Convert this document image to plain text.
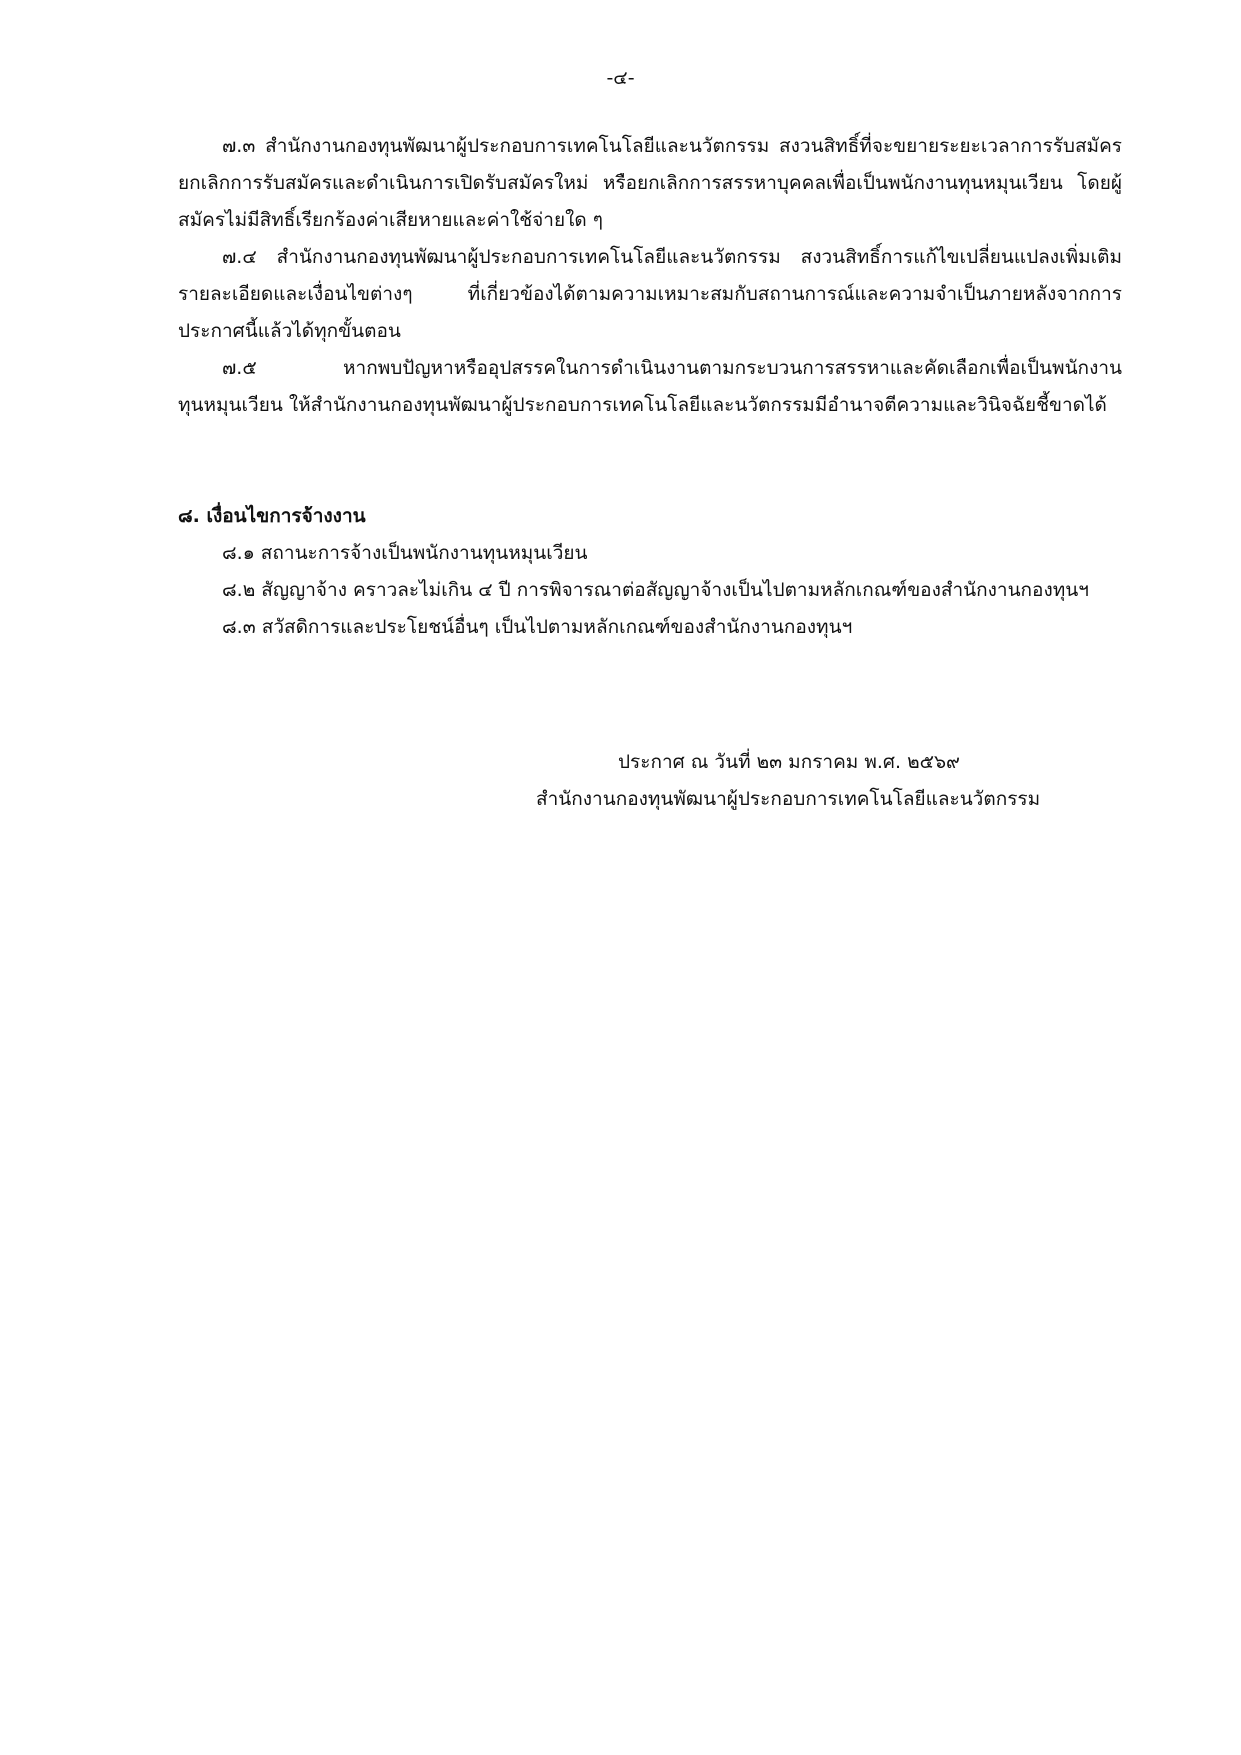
-๔-

๗.๓ สำนักงานกองทุนพัฒนาผู้ประกอบการเทคโนโลยีและนวัตกรรม สงวนสิทธิ์ที่จะขยายระยะเวลาการรับสมัคร ยกเลิกการรับสมัครและดำเนินการเปิดรับสมัครใหม่ หรือยกเลิกการสรรหาบุคคลเพื่อเป็นพนักงานทุนหมุนเวียน โดยผู้สมัครไม่มีสิทธิ์เรียกร้องค่าเสียหายและค่าใช้จ่ายใด ๆ

๗.๔ สำนักงานกองทุนพัฒนาผู้ประกอบการเทคโนโลยีและนวัตกรรม สงวนสิทธิ์การแก้ไขเปลี่ยนแปลงเพิ่มเติมรายละเอียดและเงื่อนไขต่างๆ ที่เกี่ยวข้องได้ตามความเหมาะสมกับสถานการณ์และความจำเป็นภายหลังจากการประกาศนี้แล้วได้ทุกขั้นตอน

๗.๕ หากพบปัญหาหรืออุปสรรคในการดำเนินงานตามกระบวนการสรรหาและคัดเลือกเพื่อเป็นพนักงานทุนหมุนเวียน ให้สำนักงานกองทุนพัฒนาผู้ประกอบการเทคโนโลยีและนวัตกรรมมีอำนาจตีความและวินิจฉัยชี้ขาดได้

๘. เงื่อนไขการจ้างงาน

๘.๑ สถานะการจ้างเป็นพนักงานทุนหมุนเวียน

๘.๒ สัญญาจ้าง คราวละไม่เกิน ๔ ปี การพิจารณาต่อสัญญาจ้างเป็นไปตามหลักเกณฑ์ของสำนักงานกองทุนฯ

๘.๓ สวัสดิการและประโยชน์อื่นๆ เป็นไปตามหลักเกณฑ์ของสำนักงานกองทุนฯ

ประกาศ ณ วันที่ ๒๓ มกราคม พ.ศ. ๒๕๖๙

สำนักงานกองทุนพัฒนาผู้ประกอบการเทคโนโลยีและนวัตกรรม
